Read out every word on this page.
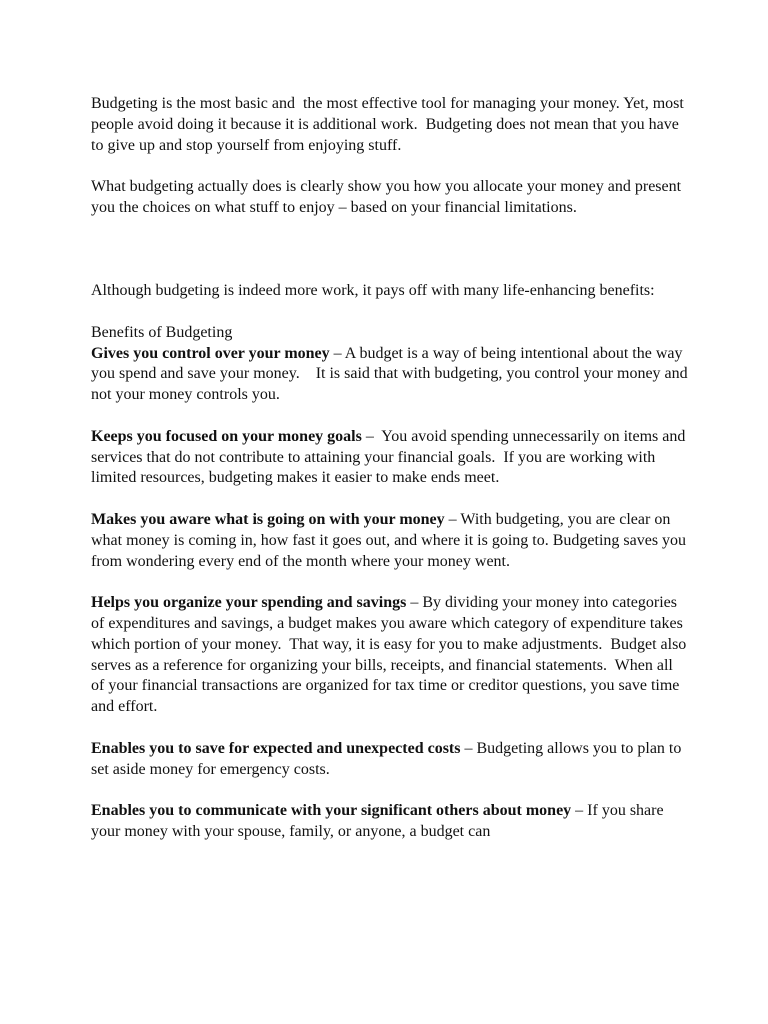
Budgeting is the most basic and  the most effective tool for managing your money. Yet, most people avoid doing it because it is additional work.  Budgeting does not mean that you have to give up and stop yourself from enjoying stuff.

What budgeting actually does is clearly show you how you allocate your money and present you the choices on what stuff to enjoy – based on your financial limitations.

Although budgeting is indeed more work, it pays off with many life-enhancing benefits:

Benefits of Budgeting

Gives you control over your money – A budget is a way of being intentional about the way you spend and save your money.    It is said that with budgeting, you control your money and not your money controls you.

Keeps you focused on your money goals –  You avoid spending unnecessarily on items and services that do not contribute to attaining your financial goals.  If you are working with limited resources, budgeting makes it easier to make ends meet.

Makes you aware what is going on with your money – With budgeting, you are clear on what money is coming in, how fast it goes out, and where it is going to. Budgeting saves you from wondering every end of the month where your money went.

Helps you organize your spending and savings – By dividing your money into categories of expenditures and savings, a budget makes you aware which category of expenditure takes which portion of your money.  That way, it is easy for you to make adjustments.  Budget also serves as a reference for organizing your bills, receipts, and financial statements.  When all of your financial transactions are organized for tax time or creditor questions, you save time and effort.

Enables you to save for expected and unexpected costs – Budgeting allows you to plan to set aside money for emergency costs.

Enables you to communicate with your significant others about money – If you share your money with your spouse, family, or anyone, a budget can
